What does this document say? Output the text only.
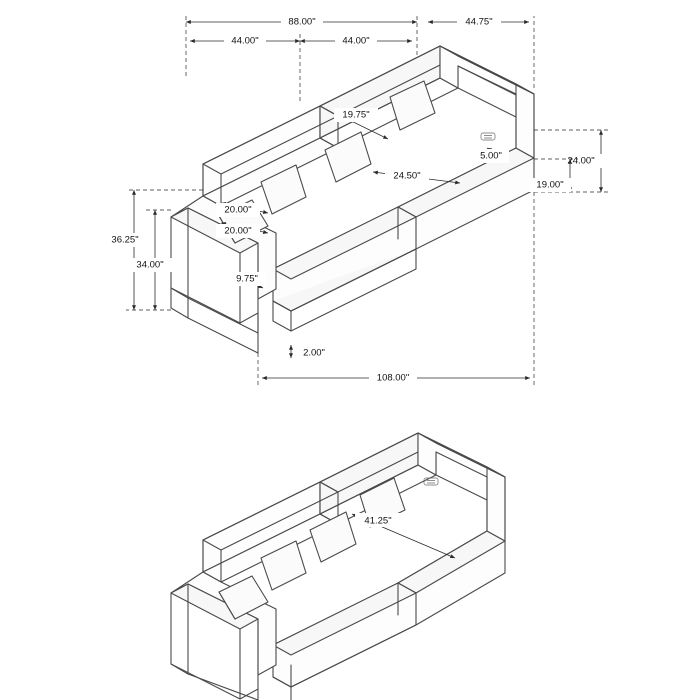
88.00"
44.00"	44.00"
44.75"
19.75"
5.00"	24.00"
19.00"
24.50"
20.00"
20.00"
36.25"
34.00"
9.75"
2.00"
108.00"
41.25"
